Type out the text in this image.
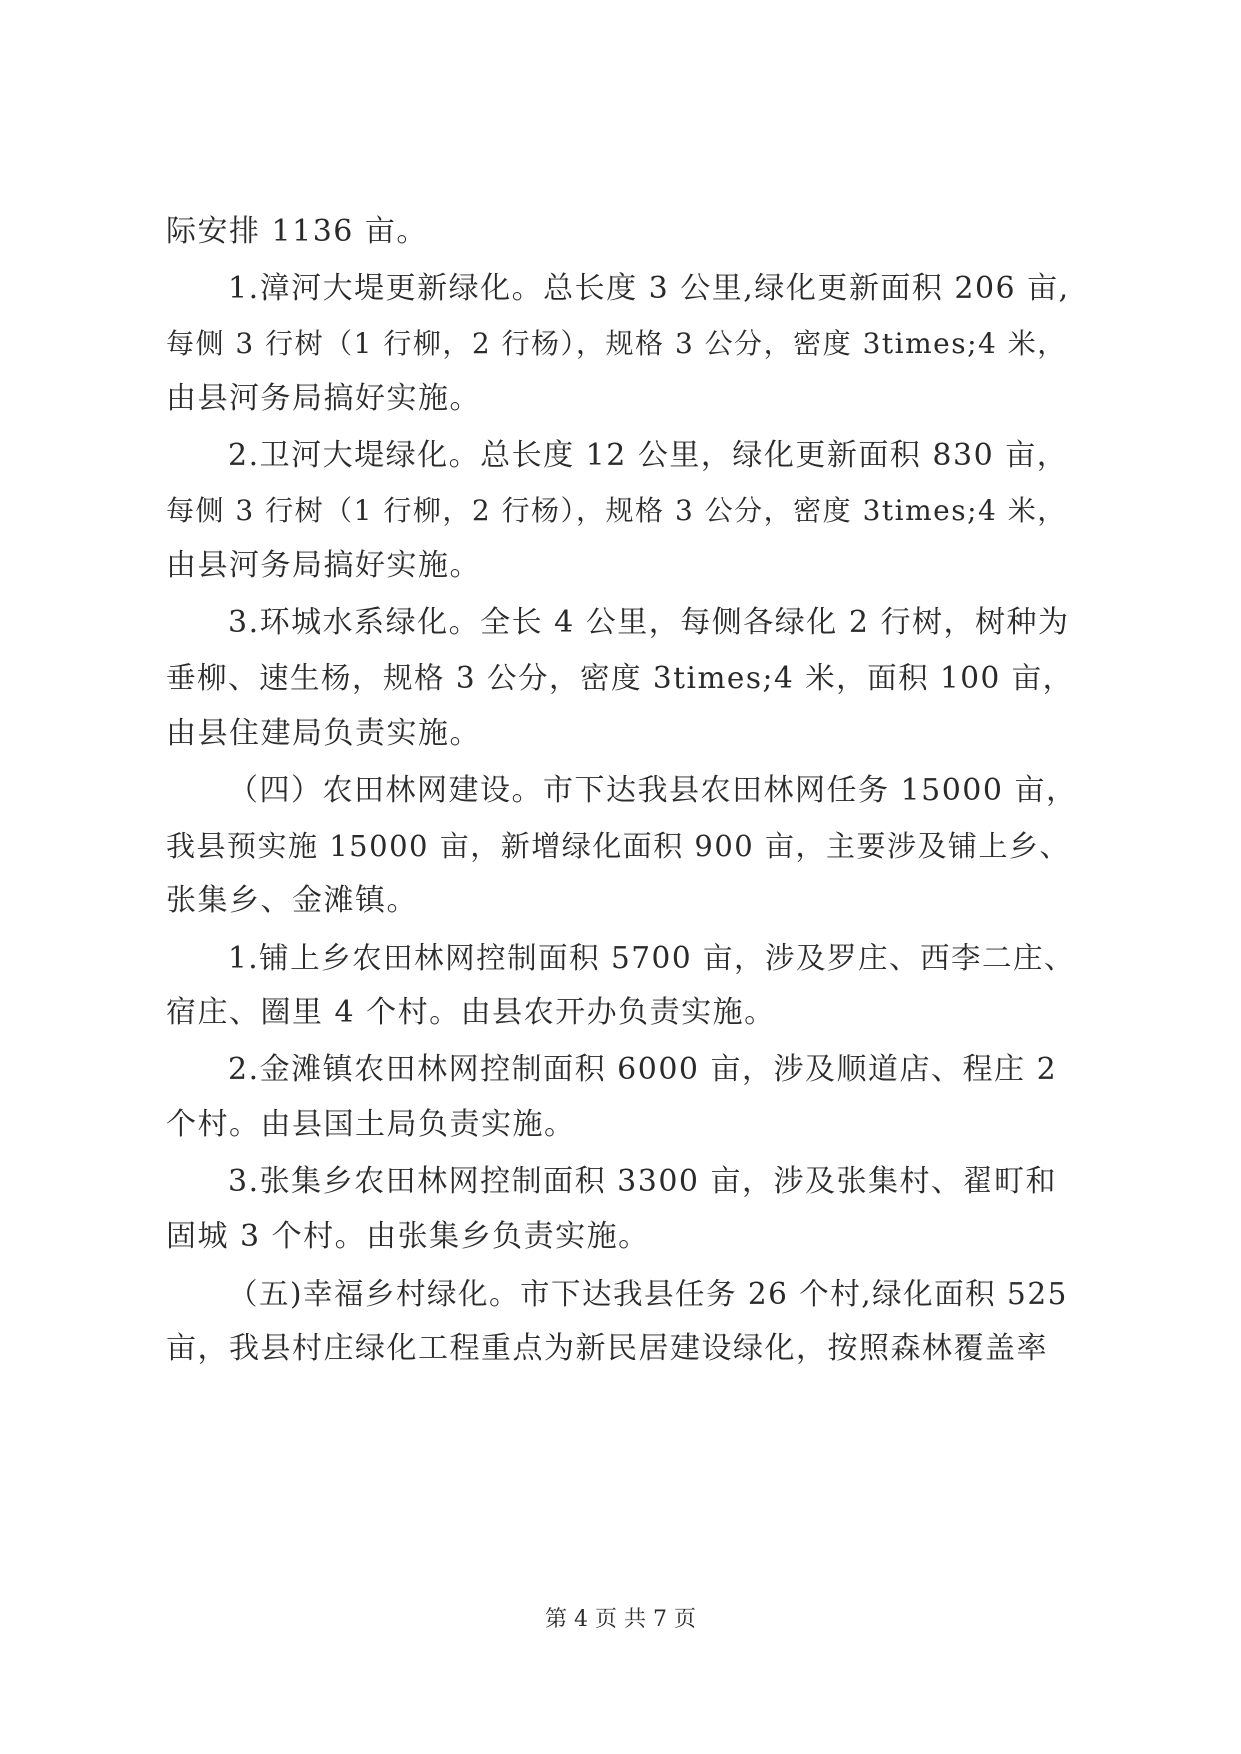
际安排 1136 亩。
1.漳河大堤更新绿化。总长度 3 公里,绿化更新面积 206 亩,
每侧 3 行树（1 行柳，2 行杨），规格 3 公分，密度 3times;4 米，
由县河务局搞好实施。
2.卫河大堤绿化。总长度 12 公里，绿化更新面积 830 亩，
每侧 3 行树（1 行柳，2 行杨），规格 3 公分，密度 3times;4 米，
由县河务局搞好实施。
3.环城水系绿化。全长 4 公里，每侧各绿化 2 行树，树种为
垂柳、速生杨，规格 3 公分，密度 3times;4 米，面积 100 亩，
由县住建局负责实施。
（四）农田林网建设。市下达我县农田林网任务 15000 亩，
我县预实施 15000 亩，新增绿化面积 900 亩，主要涉及铺上乡、
张集乡、金滩镇。
1.铺上乡农田林网控制面积 5700 亩，涉及罗庄、西李二庄、
宿庄、圈里 4 个村。由县农开办负责实施。
2.金滩镇农田林网控制面积 6000 亩，涉及顺道店、程庄 2
个村。由县国土局负责实施。
3.张集乡农田林网控制面积 3300 亩，涉及张集村、翟町和
固城 3 个村。由张集乡负责实施。
（五)幸福乡村绿化。市下达我县任务 26 个村,绿化面积 525
亩，我县村庄绿化工程重点为新民居建设绿化，按照森林覆盖率
第 4 页 共 7 页
